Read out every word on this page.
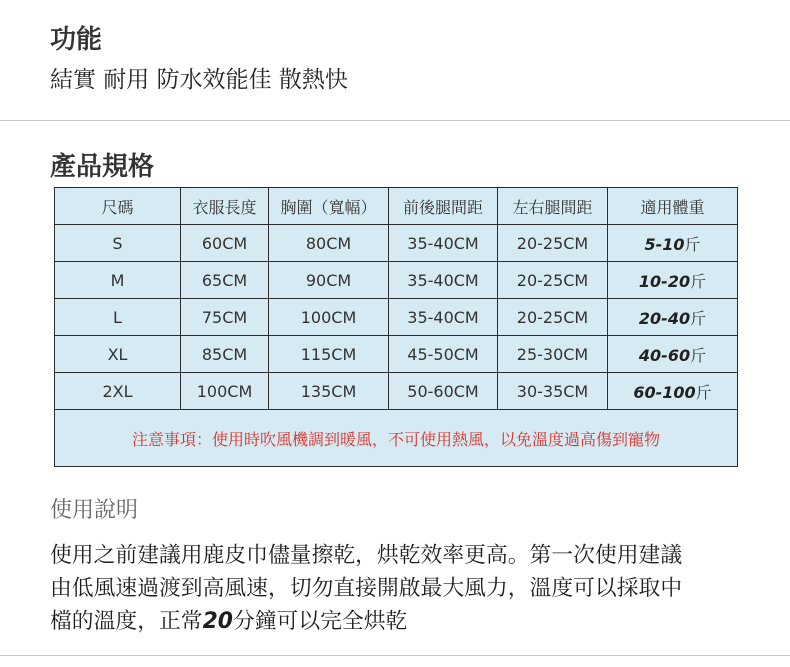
功能
結實 耐用 防水效能佳 散熱快
產品規格
尺碼	衣服長度	胸圍（寬幅）	前後腿間距	左右腿間距	適用體重
S	60CM	80CM	35-40CM	20-25CM	5-10斤
M	65CM	90CM	35-40CM	20-25CM	10-20斤
L	75CM	100CM	35-40CM	20-25CM	20-40斤
XL	85CM	115CM	45-50CM	25-30CM	40-60斤
2XL	100CM	135CM	50-60CM	30-35CM	60-100斤
注意事項：使用時吹風機調到暖風，不可使用熱風，以免溫度過高傷到寵物					
使用說明
使用之前建議用鹿皮巾儘量擦乾，烘乾效率更高。第一次使用建議
由低風速過渡到高風速，切勿直接開啟最大風力，溫度可以採取中
檔的溫度，正常20分鐘可以完全烘乾
